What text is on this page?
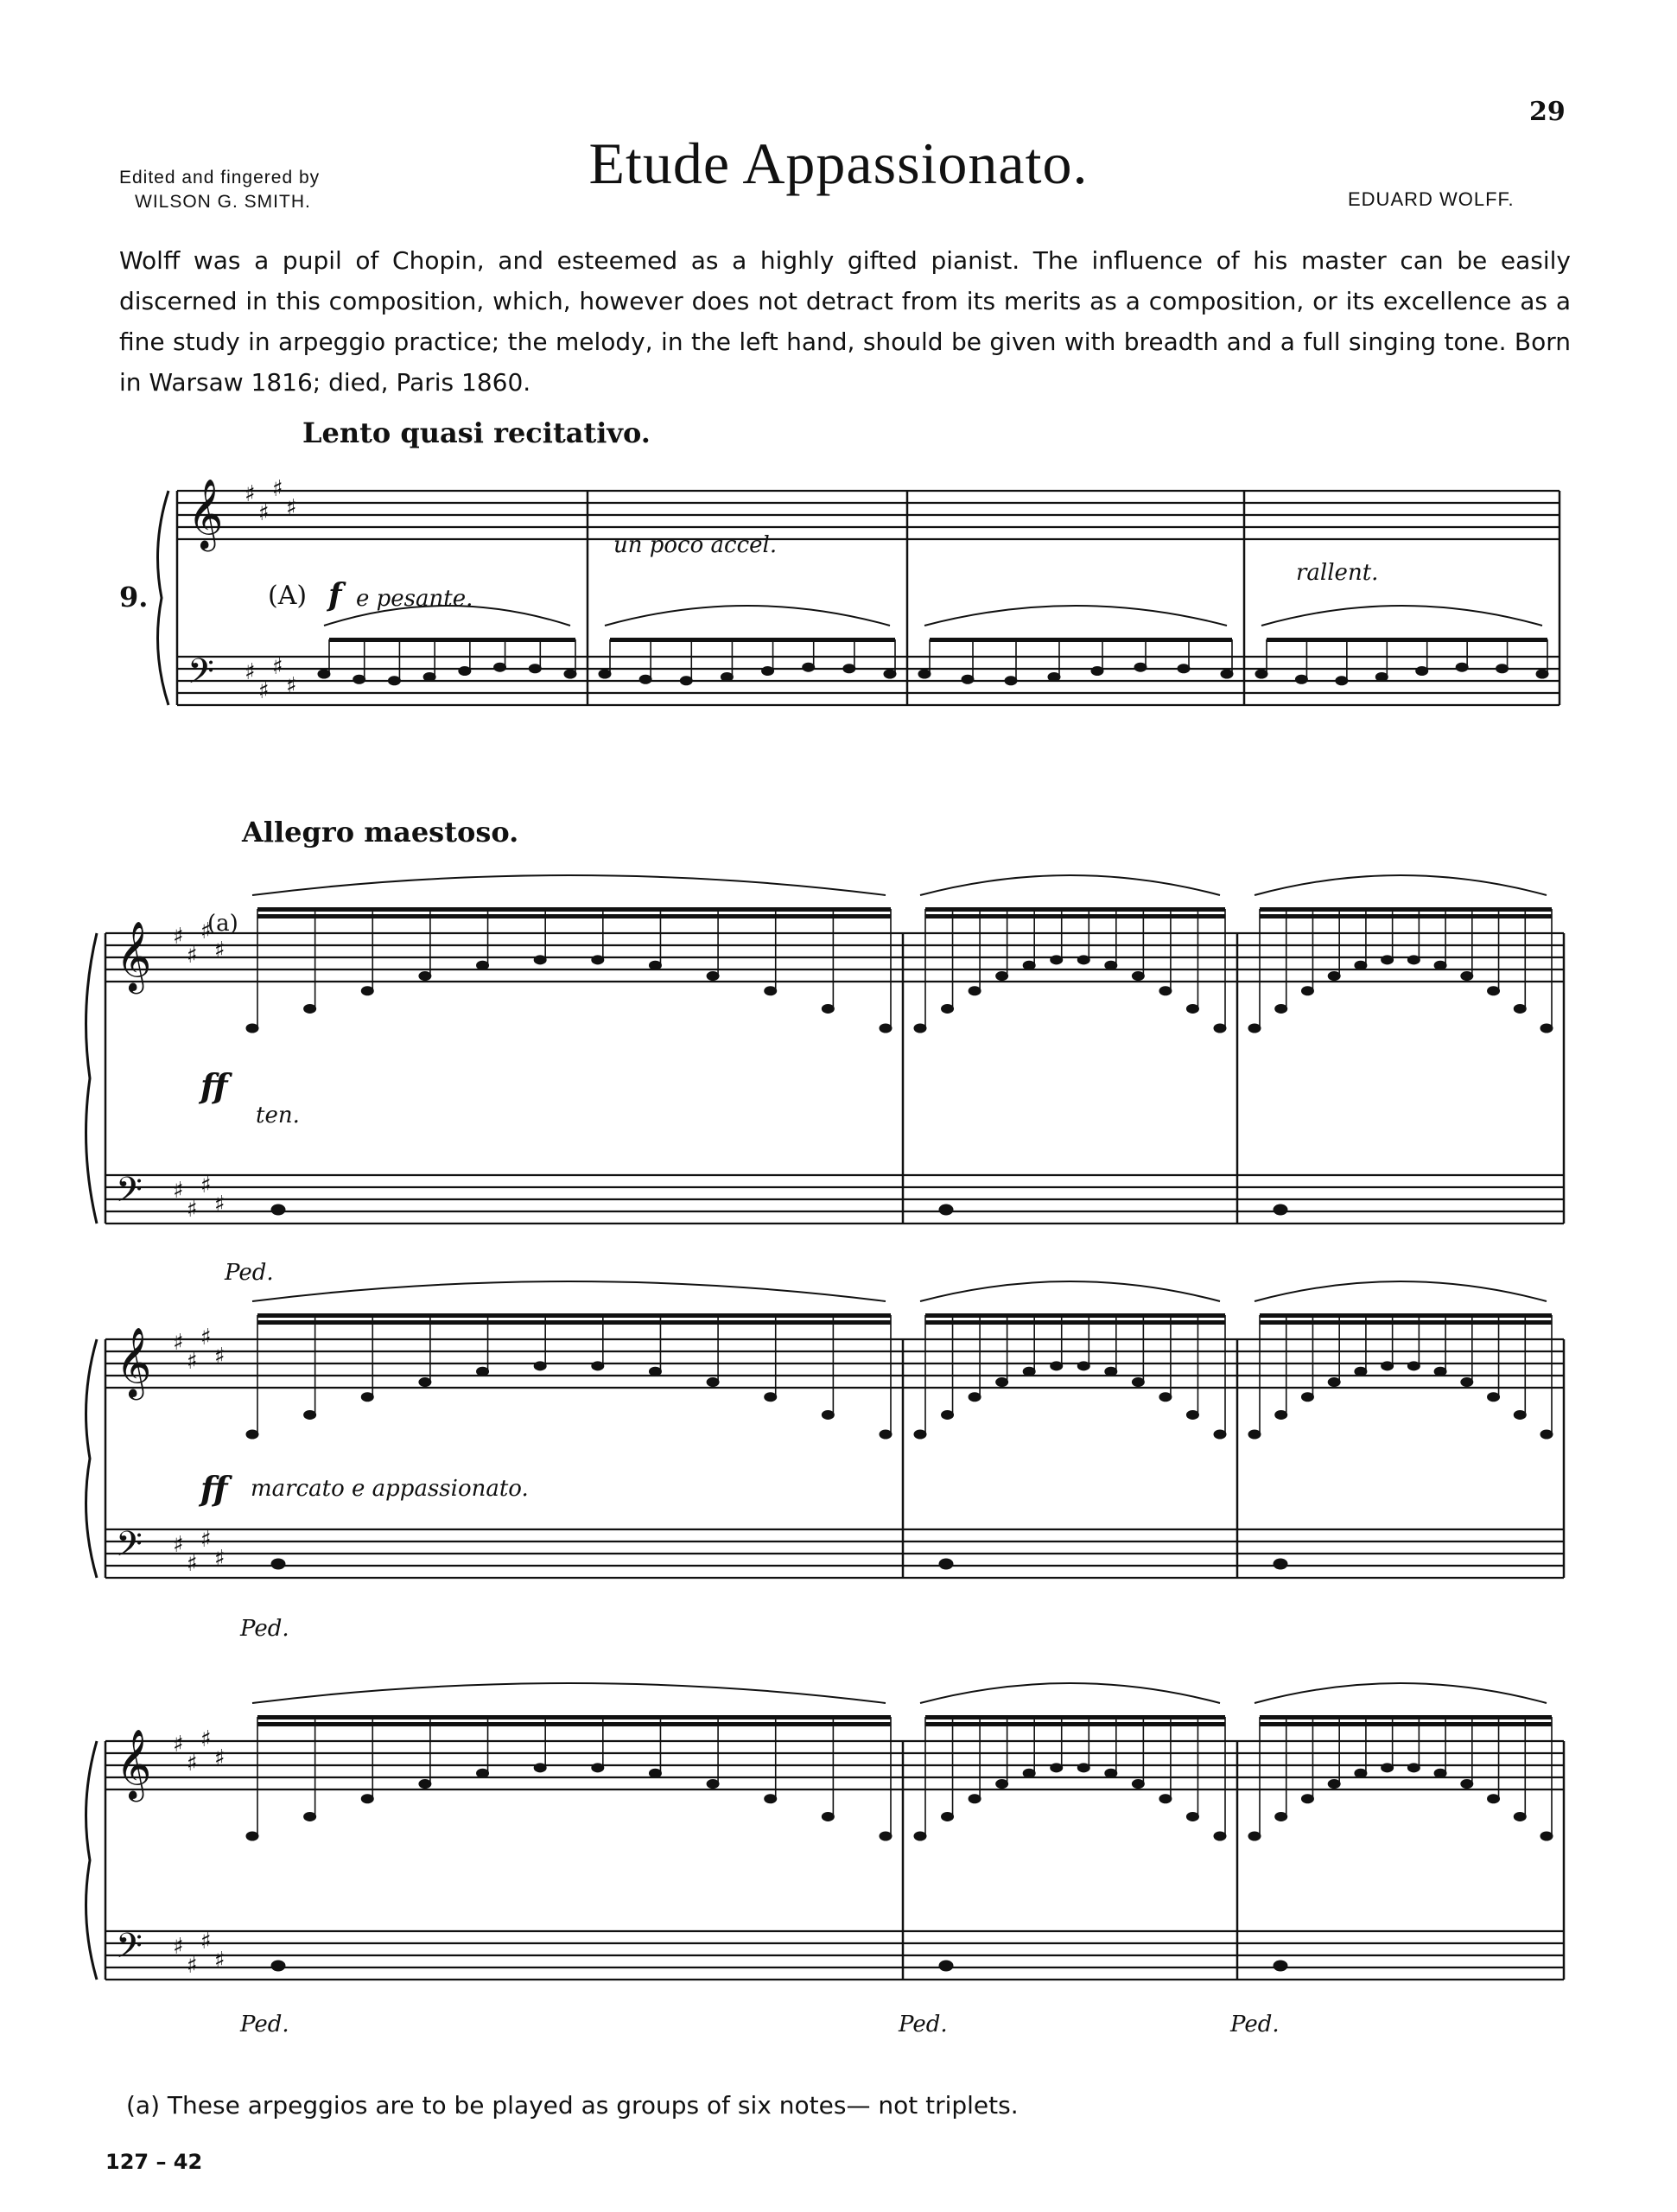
29
Edited and fingered by
WILSON G. SMITH.
Etude Appassionato.
EDUARD WOLFF.
Wolff was a pupil of Chopin, and esteemed as a highly gifted pianist. The influence of his master can be easily discerned in this composition, which, however does not detract from its merits as a composition, or its excellence as a fine study in arpeggio practice; the melody, in the left hand, should be given with breadth and a full singing tone. Born in Warsaw 1816; died, Paris 1860.
𝄞
𝄢
♯
♯
♯
♯
♯
♯
♯
♯
𝄞
𝄢
♯
♯
♯
♯
♯
♯
♯
♯
𝄞
𝄢
♯
♯
♯
♯
♯
♯
♯
♯
𝄞
𝄢
♯
♯
♯
♯
♯
♯
♯
♯
Lento quasi recitativo.
9.	(A) f e pesante.
un poco accel.
rallent.
Allegro maestoso.
(a)
ff
ten.
Ped.
ff marcato e appassionato.
Ped.
Ped.	Ped.	Ped.
(a) These arpeggios are to be played as groups of six notes— not triplets.
127 – 42
